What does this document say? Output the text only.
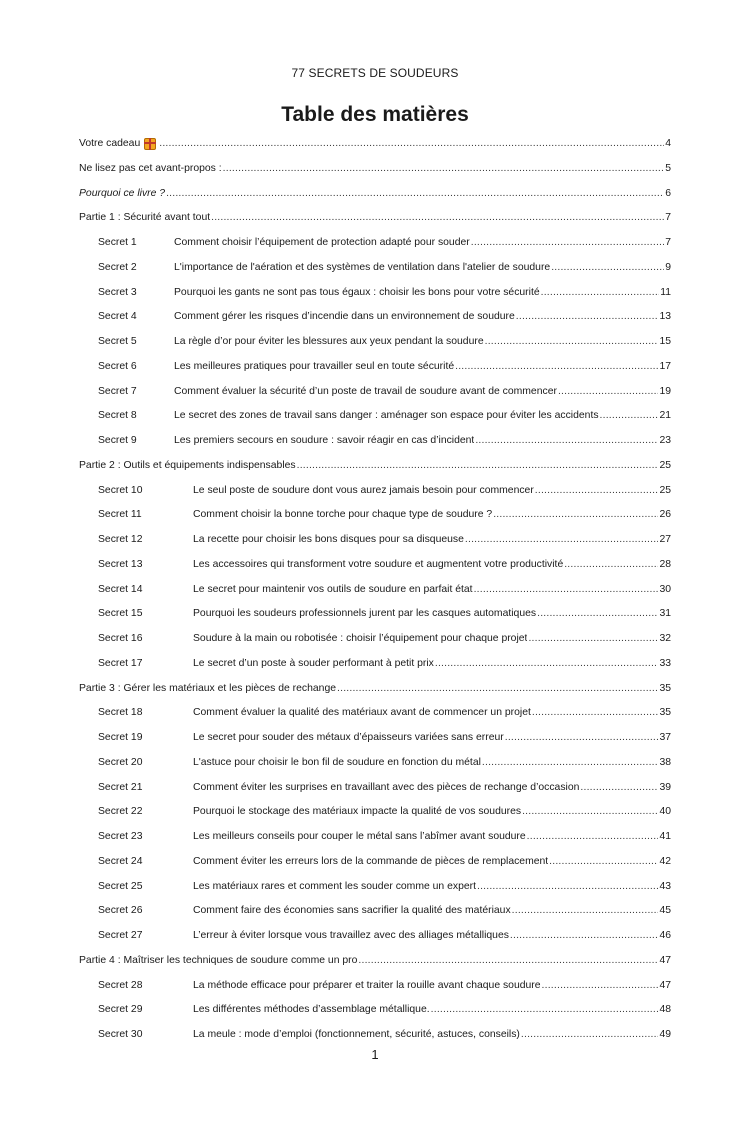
77 SECRETS DE SOUDEURS
Table des matières
Votre cadeau .....	4
Ne lisez pas cet avant-propos : .....	5
Pourquoi ce livre ? .....	6
Partie 1 : Sécurité avant tout .....	7
Secret 1	Comment choisir l’équipement de protection adapté pour souder .....	7
Secret 2	L'importance de l'aération et des systèmes de ventilation dans l'atelier de soudure .....	9
Secret 3	Pourquoi les gants ne sont pas tous égaux : choisir les bons pour votre sécurité .....	11
Secret 4	Comment gérer les risques d’incendie dans un environnement de soudure .....	13
Secret 5	La règle d’or pour éviter les blessures aux yeux pendant la soudure .....	15
Secret 6	Les meilleures pratiques pour travailler seul en toute sécurité .....	17
Secret 7	Comment évaluer la sécurité d’un poste de travail de soudure avant de commencer .....	19
Secret 8	Le secret des zones de travail sans danger : aménager son espace pour éviter les accidents .....	21
Secret 9	Les premiers secours en soudure : savoir réagir en cas d’incident .....	23
Partie 2 : Outils et équipements indispensables .....	25
Secret 10	Le seul poste de soudure dont vous aurez jamais besoin pour commencer .....	25
Secret 11	Comment choisir la bonne torche pour chaque type de soudure ? .....	26
Secret 12	La recette pour choisir les bons disques pour sa disqueuse .....	27
Secret 13	Les accessoires qui transforment votre soudure et augmentent votre productivité .....	28
Secret 14	Le secret pour maintenir vos outils de soudure en parfait état .....	30
Secret 15	Pourquoi les soudeurs professionnels jurent par les casques automatiques .....	31
Secret 16	Soudure à la main ou robotisée : choisir l’équipement pour chaque projet .....	32
Secret 17	Le secret d’un poste à souder performant à petit prix .....	33
Partie 3 : Gérer les matériaux et les pièces de rechange .....	35
Secret 18	Comment évaluer la qualité des matériaux avant de commencer un projet .....	35
Secret 19	Le secret pour souder des métaux d’épaisseurs variées sans erreur .....	37
Secret 20	L'astuce pour choisir le bon fil de soudure en fonction du métal .....	38
Secret 21	Comment éviter les surprises en travaillant avec des pièces de rechange d’occasion .....	39
Secret 22	Pourquoi le stockage des matériaux impacte la qualité de vos soudures .....	40
Secret 23	Les meilleurs conseils pour couper le métal sans l’abîmer avant soudure .....	41
Secret 24	Comment éviter les erreurs lors de la commande de pièces de remplacement .....	42
Secret 25	Les matériaux rares et comment les souder comme un expert .....	43
Secret 26	Comment faire des économies sans sacrifier la qualité des matériaux .....	45
Secret 27	L’erreur à éviter lorsque vous travaillez avec des alliages métalliques .....	46
Partie 4 : Maîtriser les techniques de soudure comme un pro .....	47
Secret 28	La méthode efficace pour préparer et traiter la rouille avant chaque soudure .....	47
Secret 29	Les différentes méthodes d’assemblage métallique. .....	48
Secret 30	La meule : mode d’emploi (fonctionnement, sécurité, astuces, conseils) .....	49
1
